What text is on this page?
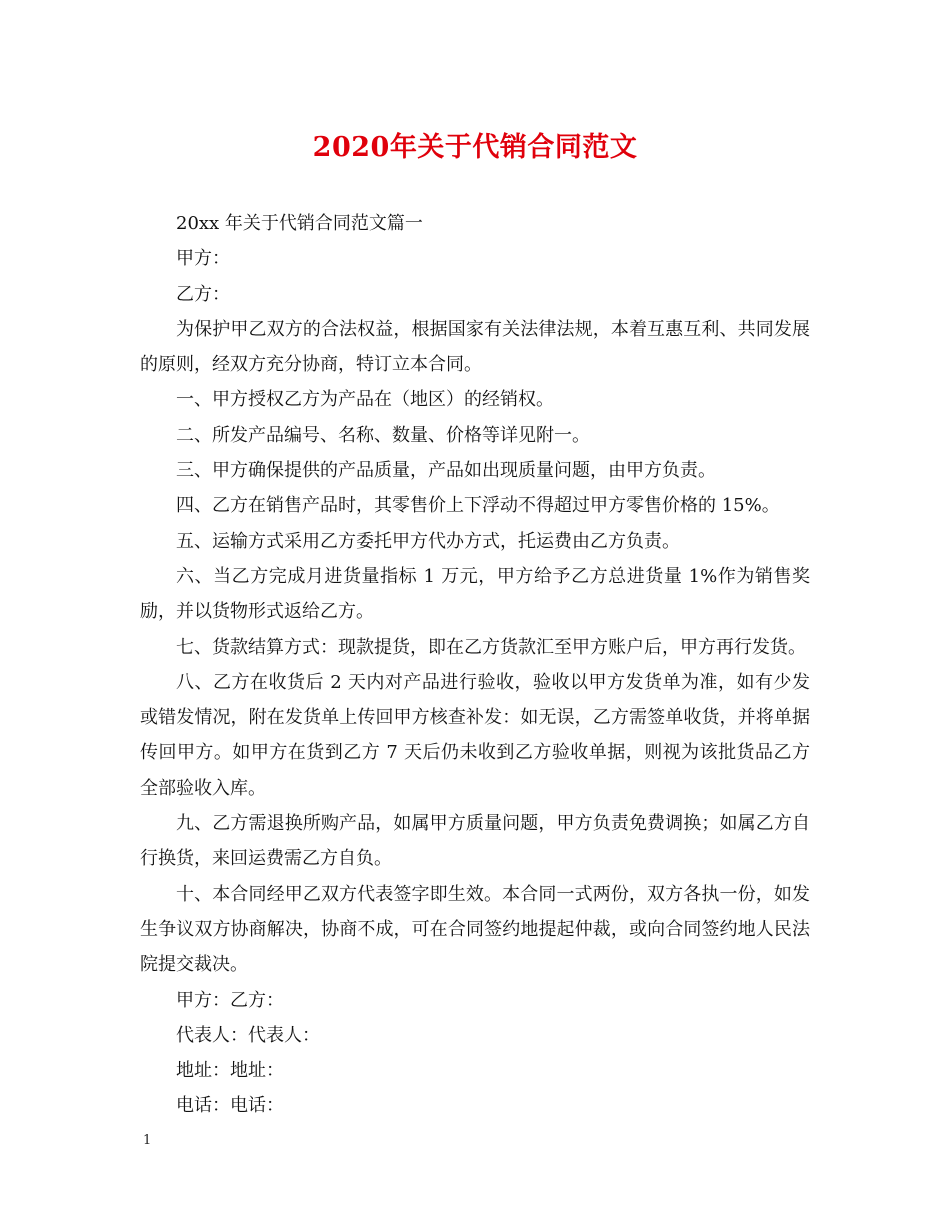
2020年关于代销合同范文

20xx 年关于代销合同范文篇一

甲方：

乙方：

为保护甲乙双方的合法权益，根据国家有关法律法规，本着互惠互利、共同发展的原则，经双方充分协商，特订立本合同。

一、甲方授权乙方为产品在（地区）的经销权。

二、所发产品编号、名称、数量、价格等详见附一。

三、甲方确保提供的产品质量，产品如出现质量问题，由甲方负责。

四、乙方在销售产品时，其零售价上下浮动不得超过甲方零售价格的 15%。

五、运输方式采用乙方委托甲方代办方式，托运费由乙方负责。

六、当乙方完成月进货量指标 1 万元，甲方给予乙方总进货量 1%作为销售奖励，并以货物形式返给乙方。

七、货款结算方式：现款提货，即在乙方货款汇至甲方账户后，甲方再行发货。

八、乙方在收货后 2 天内对产品进行验收，验收以甲方发货单为准，如有少发或错发情况，附在发货单上传回甲方核查补发：如无误，乙方需签单收货，并将单据传回甲方。如甲方在货到乙方 7 天后仍未收到乙方验收单据，则视为该批货品乙方全部验收入库。

九、乙方需退换所购产品，如属甲方质量问题，甲方负责免费调换；如属乙方自行换货，来回运费需乙方自负。

十、本合同经甲乙双方代表签字即生效。本合同一式两份，双方各执一份，如发生争议双方协商解决，协商不成，可在合同签约地提起仲裁，或向合同签约地人民法院提交裁决。

甲方：乙方：

代表人：代表人：

地址：地址：

电话：电话：

1
